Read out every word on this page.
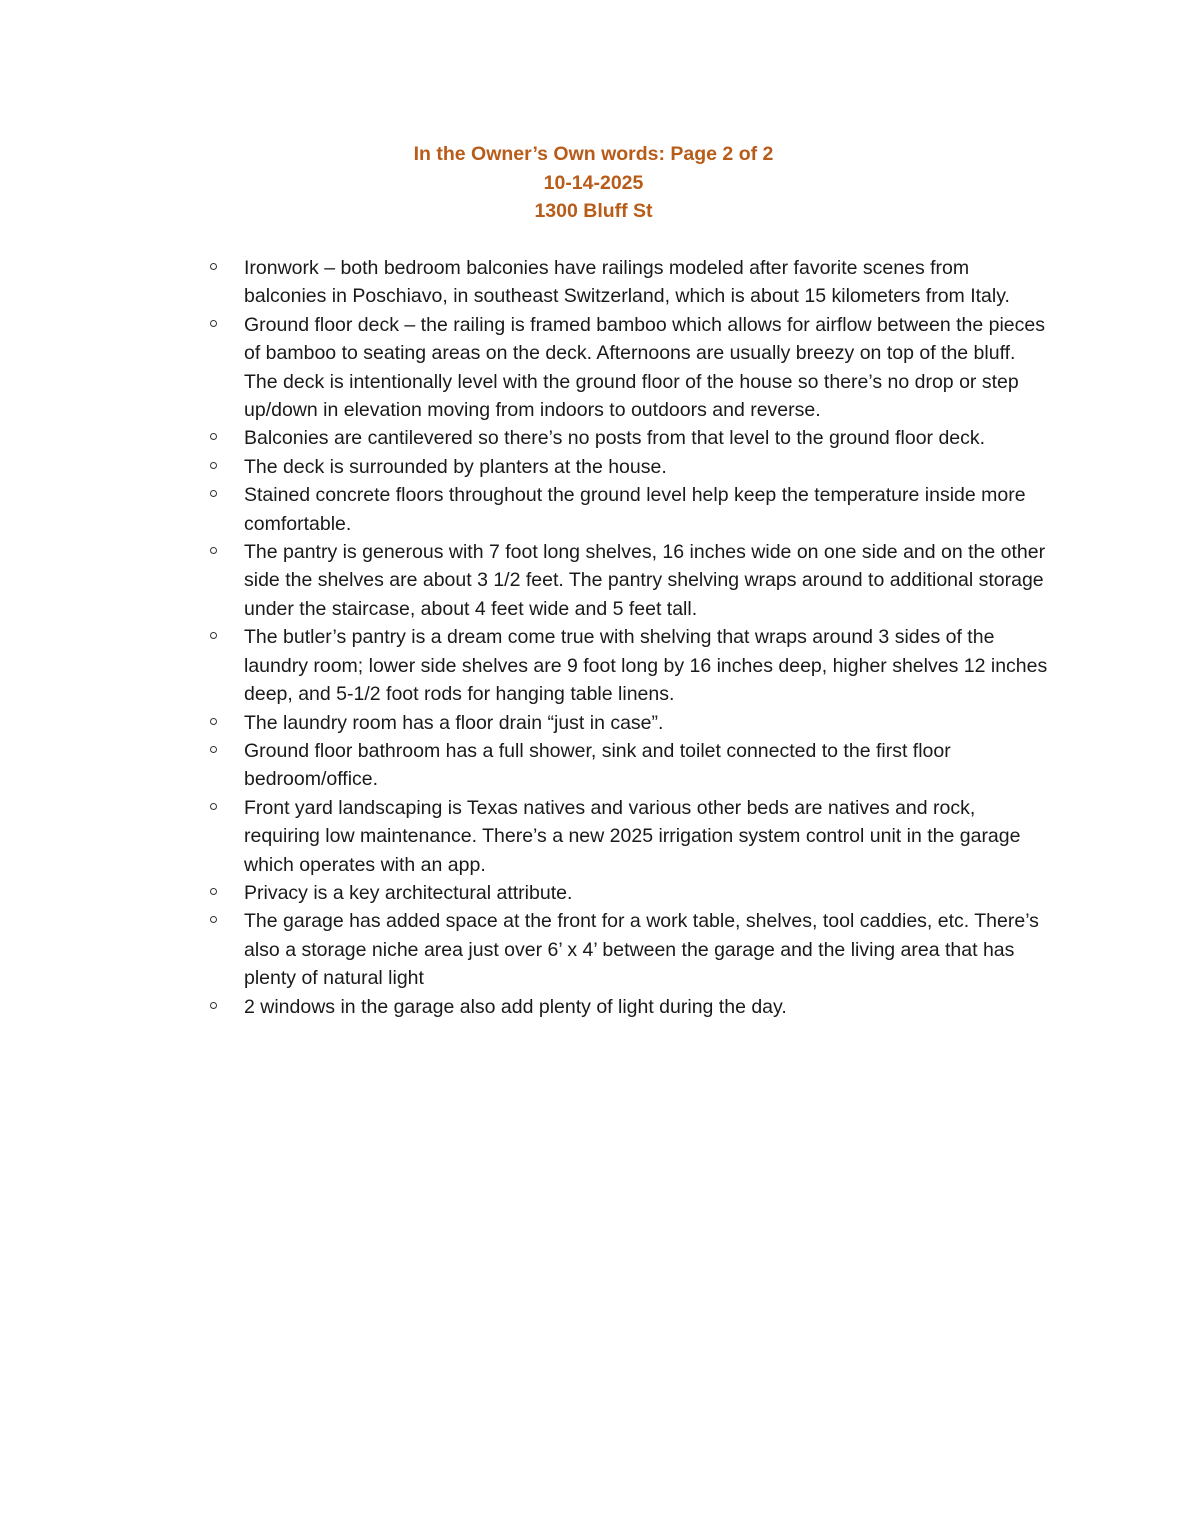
In the Owner’s Own words: Page 2 of 2
10-14-2025
1300 Bluff St
Ironwork – both bedroom balconies have railings modeled after favorite scenes from balconies in Poschiavo, in southeast Switzerland, which is about 15 kilometers from Italy.
Ground floor deck – the railing is framed bamboo which allows for airflow between the pieces of bamboo to seating areas on the deck. Afternoons are usually breezy on top of the bluff. The deck is intentionally level with the ground floor of the house so there’s no drop or step up/down in elevation moving from indoors to outdoors and reverse.
Balconies are cantilevered so there’s no posts from that level to the ground floor deck.
The deck is surrounded by planters at the house.
Stained concrete floors throughout the ground level help keep the temperature inside more comfortable.
The pantry is generous with 7 foot long shelves, 16 inches wide on one side and on the other side the shelves are about 3 1/2 feet. The pantry shelving wraps around to additional storage under the staircase, about 4 feet wide and 5 feet tall.
The butler’s pantry is a dream come true with shelving that wraps around 3 sides of the laundry room; lower side shelves are 9 foot long by 16 inches deep, higher shelves 12 inches deep, and 5-1/2 foot rods for hanging table linens.
The laundry room has a floor drain “just in case”.
Ground floor bathroom has a full shower, sink and toilet connected to the first floor bedroom/office.
Front yard landscaping is Texas natives and various other beds are natives and rock, requiring low maintenance. There’s a new 2025 irrigation system control unit in the garage which operates with an app.
Privacy is a key architectural attribute.
The garage has added space at the front for a work table, shelves, tool caddies, etc. There’s also a storage niche area just over 6’ x 4’ between the garage and the living area that has plenty of natural light
2 windows in the garage also add plenty of light during the day.
